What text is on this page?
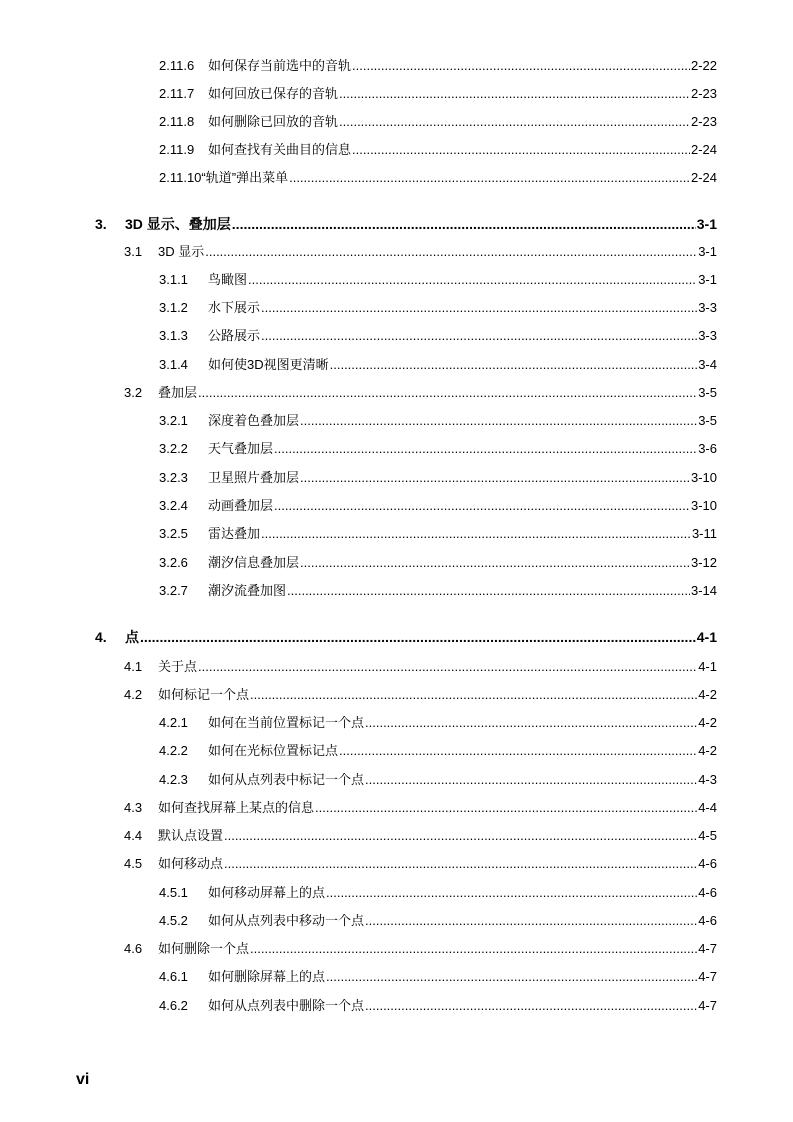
2.11.6	如何保存当前选中的音轨 .....	2-22
2.11.7	如何回放已保存的音轨 .....	2-23
2.11.8	如何删除已回放的音轨 .....	2-23
2.11.9	如何查找有关曲目的信息 .....	2-24
2.11.10 “轨道”弹出菜单 .....	2-24
3.	3D 显示、叠加层 .....	3-1
3.1	3D 显示 .....	3-1
3.1.1	鸟瞰图 .....	3-1
3.1.2	水下展示 .....	3-3
3.1.3	公路展示 .....	3-3
3.1.4	如何使3D视图更清晰 .....	3-4
3.2	叠加层 .....	3-5
3.2.1	深度着色叠加层 .....	3-5
3.2.2	天气叠加层 .....	3-6
3.2.3	卫星照片叠加层 .....	3-10
3.2.4	动画叠加层 .....	3-10
3.2.5	雷达叠加 .....	3-11
3.2.6	潮汐信息叠加层 .....	3-12
3.2.7	潮汐流叠加图 .....	3-14
4.	点 .....	4-1
4.1	关于点 .....	4-1
4.2	如何标记一个点 .....	4-2
4.2.1	如何在当前位置标记一个点 .....	4-2
4.2.2	如何在光标位置标记点 .....	4-2
4.2.3	如何从点列表中标记一个点 .....	4-3
4.3	如何查找屏幕上某点的信息 .....	4-4
4.4	默认点设置 .....	4-5
4.5	如何移动点 .....	4-6
4.5.1	如何移动屏幕上的点 .....	4-6
4.5.2	如何从点列表中移动一个点 .....	4-6
4.6	如何删除一个点 .....	4-7
4.6.1	如何删除屏幕上的点 .....	4-7
4.6.2	如何从点列表中删除一个点 .....	4-7
vi
